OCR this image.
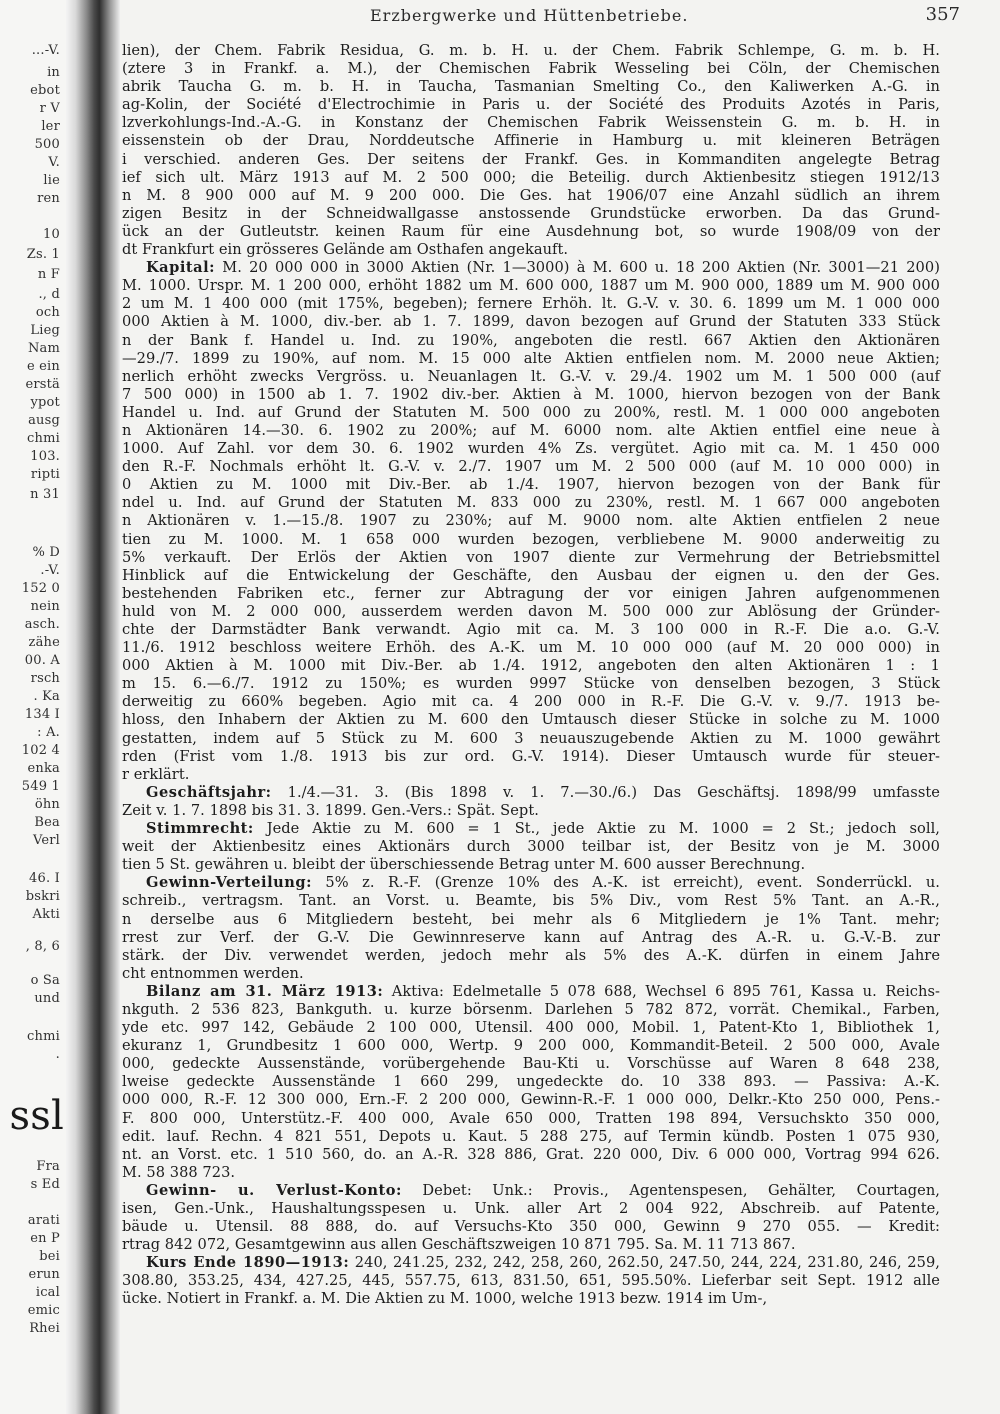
...-V.
in
ebot
r V
ler
500
V.
lie
ren
10
Zs. 1
n F
., d
och
Lieg
Nam
e ein
erstä
ypot
ausg
chmi
103.
ripti
n 31
% D
.-V.
152 0
nein
asch.
zähe
00. A
rsch
. Ka
134 I
: A.
102 4
enka
549 1
öhn
Bea
Verl
46. I
bskri
Akti
, 8, 6
o Sa
und
chmi
.
ssl
Fra
s Ed
arati
en P
bei
erun
ical
emic
Rhei
Erzbergwerke und Hüttenbetriebe.	357

lien), der Chem. Fabrik Residua, G. m. b. H. u. der Chem. Fabrik Schlempe, G. m. b. H.

(ztere 3 in Frankf. a. M.), der Chemischen Fabrik Wesseling bei Cöln, der Chemischen

abrik Taucha G. m. b. H. in Taucha, Tasmanian Smelting Co., den Kaliwerken A.-G. in

ag-Kolin, der Société d'Electrochimie in Paris u. der Société des Produits Azotés in Paris,

lzverkohlungs-Ind.-A.-G. in Konstanz der Chemischen Fabrik Weissenstein G. m. b. H. in

eissenstein ob der Drau, Norddeutsche Affinerie in Hamburg u. mit kleineren Beträgen

i verschied. anderen Ges. Der seitens der Frankf. Ges. in Kommanditen angelegte Betrag

ief sich ult. März 1913 auf M. 2 500 000; die Beteilig. durch Aktienbesitz stiegen 1912/13

n M. 8 900 000 auf M. 9 200 000. Die Ges. hat 1906/07 eine Anzahl südlich an ihrem

zigen Besitz in der Schneidwallgasse anstossende Grundstücke erworben. Da das Grund-

ück an der Gutleutstr. keinen Raum für eine Ausdehnung bot, so wurde 1908/09 von der

dt Frankfurt ein grösseres Gelände am Osthafen angekauft.

Kapital: M. 20 000 000 in 3000 Aktien (Nr. 1—3000) à M. 600 u. 18 200 Aktien (Nr. 3001—21 200)

M. 1000. Urspr. M. 1 200 000, erhöht 1882 um M. 600 000, 1887 um M. 900 000, 1889 um M. 900 000

2 um M. 1 400 000 (mit 175%, begeben); fernere Erhöh. lt. G.-V. v. 30. 6. 1899 um M. 1 000 000

000 Aktien à M. 1000, div.-ber. ab 1. 7. 1899, davon bezogen auf Grund der Statuten 333 Stück

n der Bank f. Handel u. Ind. zu 190%, angeboten die restl. 667 Aktien den Aktionären

—29./7. 1899 zu 190%, auf nom. M. 15 000 alte Aktien entfielen nom. M. 2000 neue Aktien;

nerlich erhöht zwecks Vergröss. u. Neuanlagen lt. G.-V. v. 29./4. 1902 um M. 1 500 000 (auf

7 500 000) in 1500 ab 1. 7. 1902 div.-ber. Aktien à M. 1000, hiervon bezogen von der Bank

Handel u. Ind. auf Grund der Statuten M. 500 000 zu 200%, restl. M. 1 000 000 angeboten

n Aktionären 14.—30. 6. 1902 zu 200%; auf M. 6000 nom. alte Aktien entfiel eine neue à

1000. Auf Zahl. vor dem 30. 6. 1902 wurden 4% Zs. vergütet. Agio mit ca. M. 1 450 000

den R.-F. Nochmals erhöht lt. G.-V. v. 2./7. 1907 um M. 2 500 000 (auf M. 10 000 000) in

0 Aktien zu M. 1000 mit Div.-Ber. ab 1./4. 1907, hiervon bezogen von der Bank für

ndel u. Ind. auf Grund der Statuten M. 833 000 zu 230%, restl. M. 1 667 000 angeboten

n Aktionären v. 1.—15./8. 1907 zu 230%; auf M. 9000 nom. alte Aktien entfielen 2 neue

tien zu M. 1000. M. 1 658 000 wurden bezogen, verbliebene M. 9000 anderweitig zu

5% verkauft. Der Erlös der Aktien von 1907 diente zur Vermehrung der Betriebsmittel

Hinblick auf die Entwickelung der Geschäfte, den Ausbau der eignen u. den der Ges.

bestehenden Fabriken etc., ferner zur Abtragung der vor einigen Jahren aufgenommenen

huld von M. 2 000 000, ausserdem werden davon M. 500 000 zur Ablösung der Gründer-

chte der Darmstädter Bank verwandt. Agio mit ca. M. 3 100 000 in R.-F. Die a.o. G.-V.

11./6. 1912 beschloss weitere Erhöh. des A.-K. um M. 10 000 000 (auf M. 20 000 000) in

000 Aktien à M. 1000 mit Div.-Ber. ab 1./4. 1912, angeboten den alten Aktionären 1 : 1

m 15. 6.—6./7. 1912 zu 150%; es wurden 9997 Stücke von denselben bezogen, 3 Stück

derweitig zu 660% begeben. Agio mit ca. 4 200 000 in R.-F. Die G.-V. v. 9./7. 1913 be-

hloss, den Inhabern der Aktien zu M. 600 den Umtausch dieser Stücke in solche zu M. 1000

gestatten, indem auf 5 Stück zu M. 600 3 neuauszugebende Aktien zu M. 1000 gewährt

rden (Frist vom 1./8. 1913 bis zur ord. G.-V. 1914). Dieser Umtausch wurde für steuer-

r erklärt.

Geschäftsjahr: 1./4.—31. 3. (Bis 1898 v. 1. 7.—30./6.) Das Geschäftsj. 1898/99 umfasste

Zeit v. 1. 7. 1898 bis 31. 3. 1899. Gen.-Vers.: Spät. Sept.

Stimmrecht: Jede Aktie zu M. 600 = 1 St., jede Aktie zu M. 1000 = 2 St.; jedoch soll,

weit der Aktienbesitz eines Aktionärs durch 3000 teilbar ist, der Besitz von je M. 3000

tien 5 St. gewähren u. bleibt der überschiessende Betrag unter M. 600 ausser Berechnung.

Gewinn-Verteilung: 5% z. R.-F. (Grenze 10% des A.-K. ist erreicht), event. Sonderrückl. u.

schreib., vertragsm. Tant. an Vorst. u. Beamte, bis 5% Div., vom Rest 5% Tant. an A.-R.,

n derselbe aus 6 Mitgliedern besteht, bei mehr als 6 Mitgliedern je 1% Tant. mehr;

rrest zur Verf. der G.-V. Die Gewinnreserve kann auf Antrag des A.-R. u. G.-V.-B. zur

stärk. der Div. verwendet werden, jedoch mehr als 5% des A.-K. dürfen in einem Jahre

cht entnommen werden.

Bilanz am 31. März 1913: Aktiva: Edelmetalle 5 078 688, Wechsel 6 895 761, Kassa u. Reichs-

nkguth. 2 536 823, Bankguth. u. kurze börsenm. Darlehen 5 782 872, vorrät. Chemikal., Farben,

yde etc. 997 142, Gebäude 2 100 000, Utensil. 400 000, Mobil. 1, Patent-Kto 1, Bibliothek 1,

ekuranz 1, Grundbesitz 1 600 000, Wertp. 9 200 000, Kommandit-Beteil. 2 500 000, Avale

000, gedeckte Aussenstände, vorübergehende Bau-Kti u. Vorschüsse auf Waren 8 648 238,

lweise gedeckte Aussenstände 1 660 299, ungedeckte do. 10 338 893. — Passiva: A.-K.

000 000, R.-F. 12 300 000, Ern.-F. 2 200 000, Gewinn-R.-F. 1 000 000, Delkr.-Kto 250 000, Pens.-

F. 800 000, Unterstütz.-F. 400 000, Avale 650 000, Tratten 198 894, Versuchskto 350 000,

edit. lauf. Rechn. 4 821 551, Depots u. Kaut. 5 288 275, auf Termin kündb. Posten 1 075 930,

nt. an Vorst. etc. 1 510 560, do. an A.-R. 328 886, Grat. 220 000, Div. 6 000 000, Vortrag 994 626.

M. 58 388 723.

Gewinn- u. Verlust-Konto: Debet: Unk.: Provis., Agentenspesen, Gehälter, Courtagen,

isen, Gen.-Unk., Haushaltungsspesen u. Unk. aller Art 2 004 922, Abschreib. auf Patente,

bäude u. Utensil. 88 888, do. auf Versuchs-Kto 350 000, Gewinn 9 270 055. — Kredit:

rtrag 842 072, Gesamtgewinn aus allen Geschäftszweigen 10 871 795. Sa. M. 11 713 867.

Kurs Ende 1890—1913: 240, 241.25, 232, 242, 258, 260, 262.50, 247.50, 244, 224, 231.80, 246, 259,

308.80, 353.25, 434, 427.25, 445, 557.75, 613, 831.50, 651, 595.50%. Lieferbar seit Sept. 1912 alle

ücke. Notiert in Frankf. a. M. Die Aktien zu M. 1000, welche 1913 bezw. 1914 im Um-,
